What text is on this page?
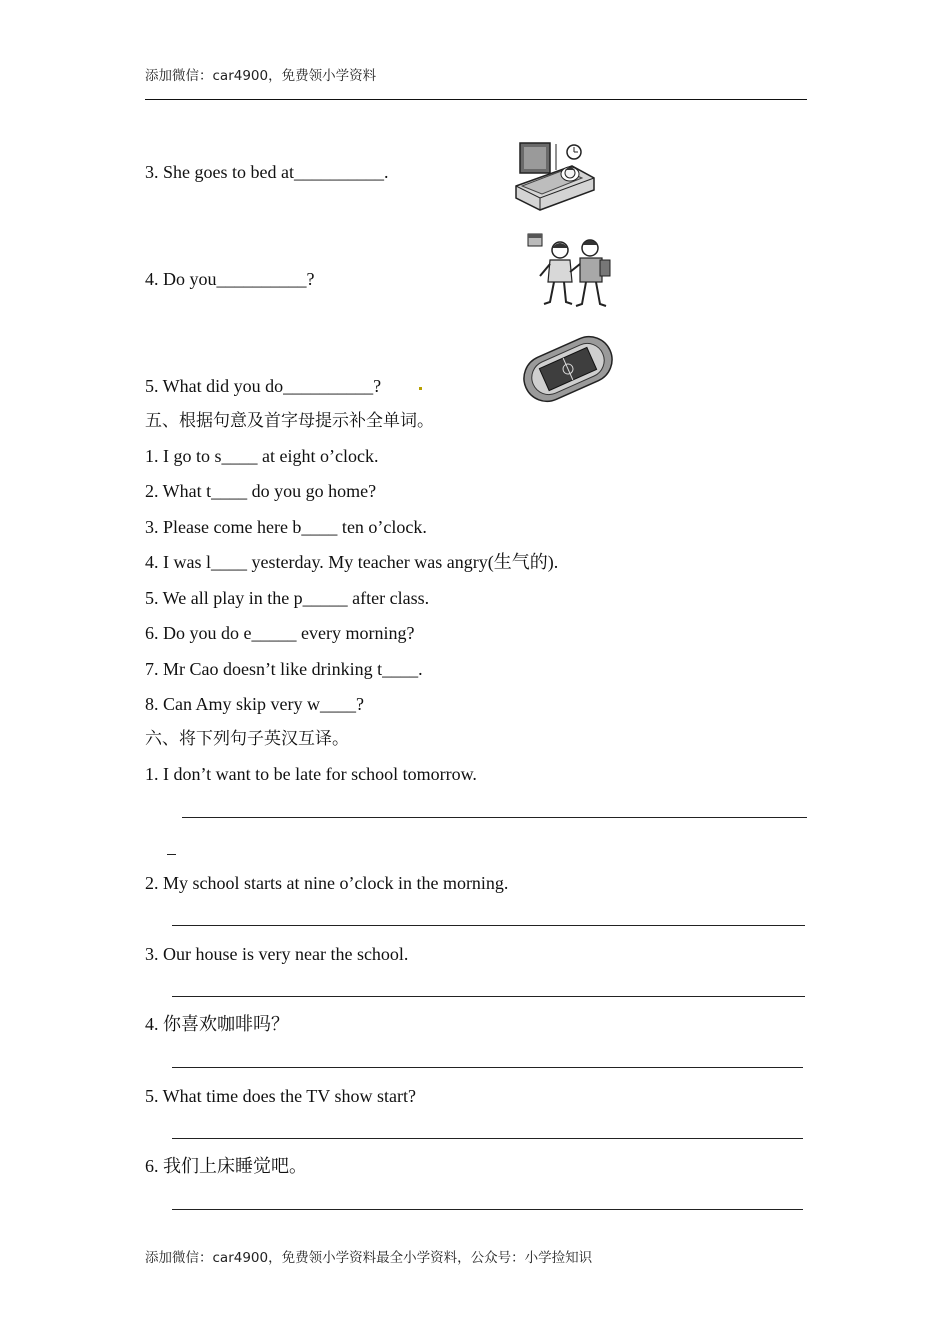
添加微信：car4900，免费领小学资料
3. She goes to bed at__________.
4. Do you__________?
5. What did you do__________?
五、根据句意及首字母提示补全单词。
1. I go to s____ at eight o’clock.
2. What t____ do you go home?
3. Please come here b____ ten o’clock.
4. I was l____ yesterday. My teacher was angry(生气的).
5. We all play in the p_____ after class.
6. Do you do e_____ every morning?
7. Mr Cao doesn’t like drinking t____.
8. Can Amy skip very w____?
六、将下列句子英汉互译。
1. I don’t want to be late for school tomorrow.
2. My school starts at nine o’clock in the morning.
3. Our house is very near the school.
4. 你喜欢咖啡吗？
5. What time does the TV show start?
6. 我们上床睡觉吧。
添加微信：car4900，免费领小学资料最全小学资料，公众号：小学捡知识
